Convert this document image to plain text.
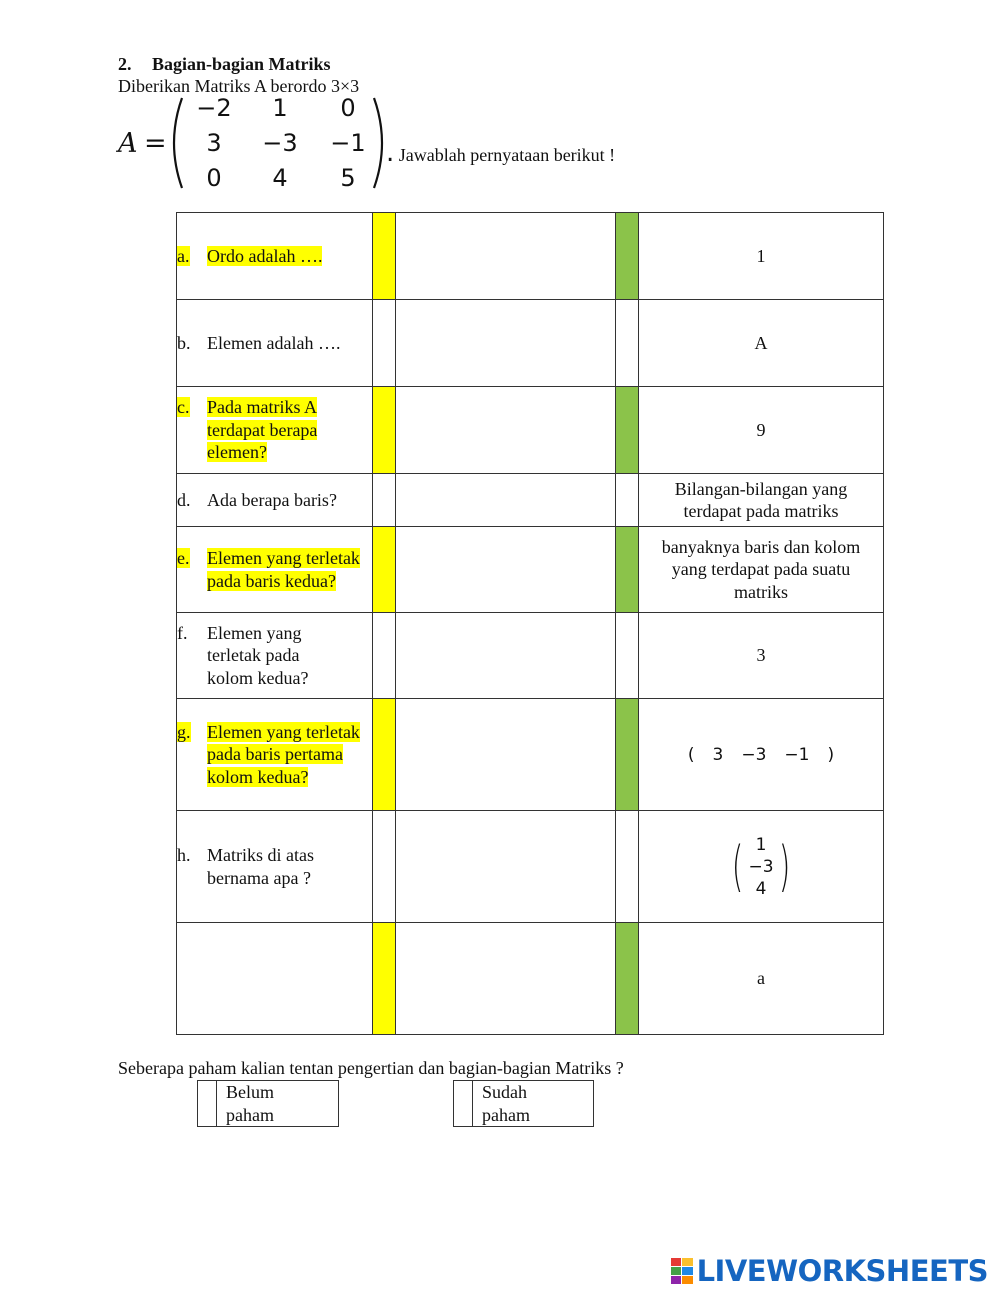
2. Bagian-bagian Matriks
Diberikan Matriks A berordo 3×3
A =
−2	1	0
3	−3	−1
0	4	5
. Jawablah pernyataan berikut !
a. Ordo adalah ….				1

b. Elemen adalah ….				A

c. Pada matriks A terdapat berapa elemen?				9

d. Ada berapa baris?				Bilangan-bilangan yang terdapat pada matriks

e. Elemen yang terletak pada baris kedua?				banyaknya baris dan kolom yang terdapat pada suatu matriks

f. Elemen yang terletak pada kolom kedua?				3

g. Elemen yang terletak pada baris pertama kolom kedua?				( 3 −3 −1 )

h. Matriks di atas bernama apa ?				( 1
−3
4 )

				a
Seberapa paham kalian tentan pengertian dan bagian-bagian Matriks ?
Belum paham
Sudah paham
LIVEWORKSHEETS
